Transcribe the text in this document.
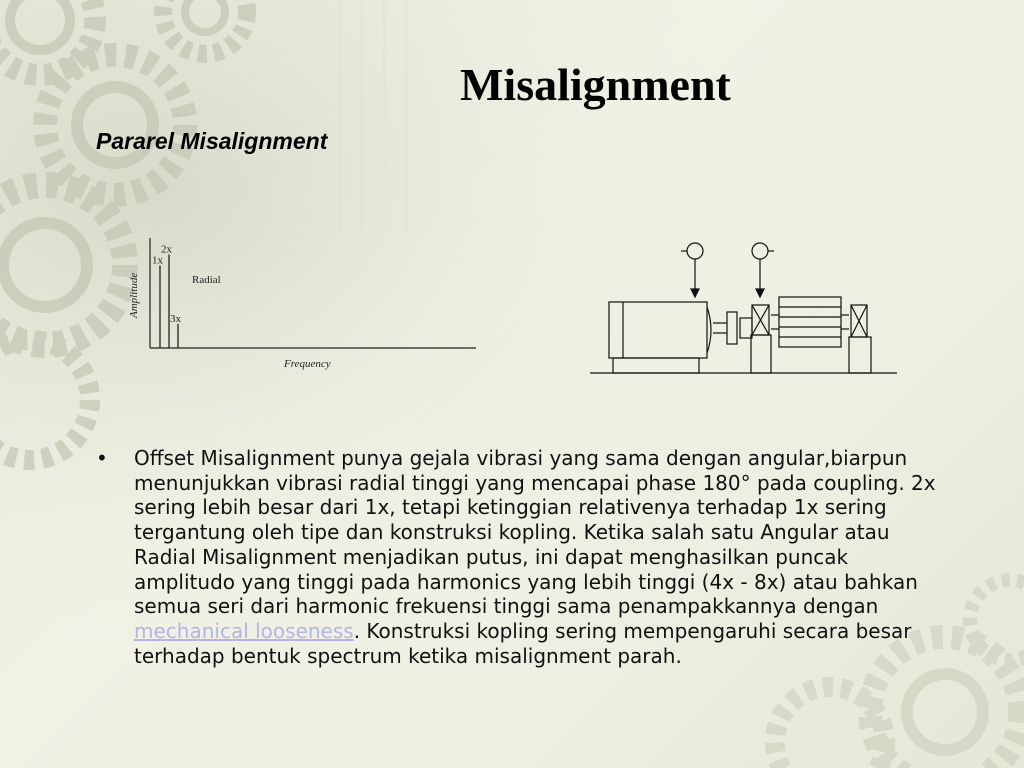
Misalignment
Pararel Misalignment
Amplitude
Frequency
Radial
1x
2x
3x
• Offset Misalignment punya gejala vibrasi yang sama dengan angular,biarpun menunjukkan vibrasi radial tinggi yang mencapai phase 180° pada coupling. 2x sering lebih besar dari 1x, tetapi ketinggian relativenya terhadap 1x sering tergantung oleh tipe dan konstruksi kopling. Ketika salah satu Angular atau Radial Misalignment menjadikan putus, ini dapat menghasilkan puncak amplitudo yang tinggi pada harmonics yang lebih tinggi (4x - 8x) atau bahkan semua seri dari harmonic frekuensi tinggi sama penampakkannya dengan mechanical looseness. Konstruksi kopling sering mempengaruhi secara besar terhadap bentuk spectrum ketika misalignment parah.
